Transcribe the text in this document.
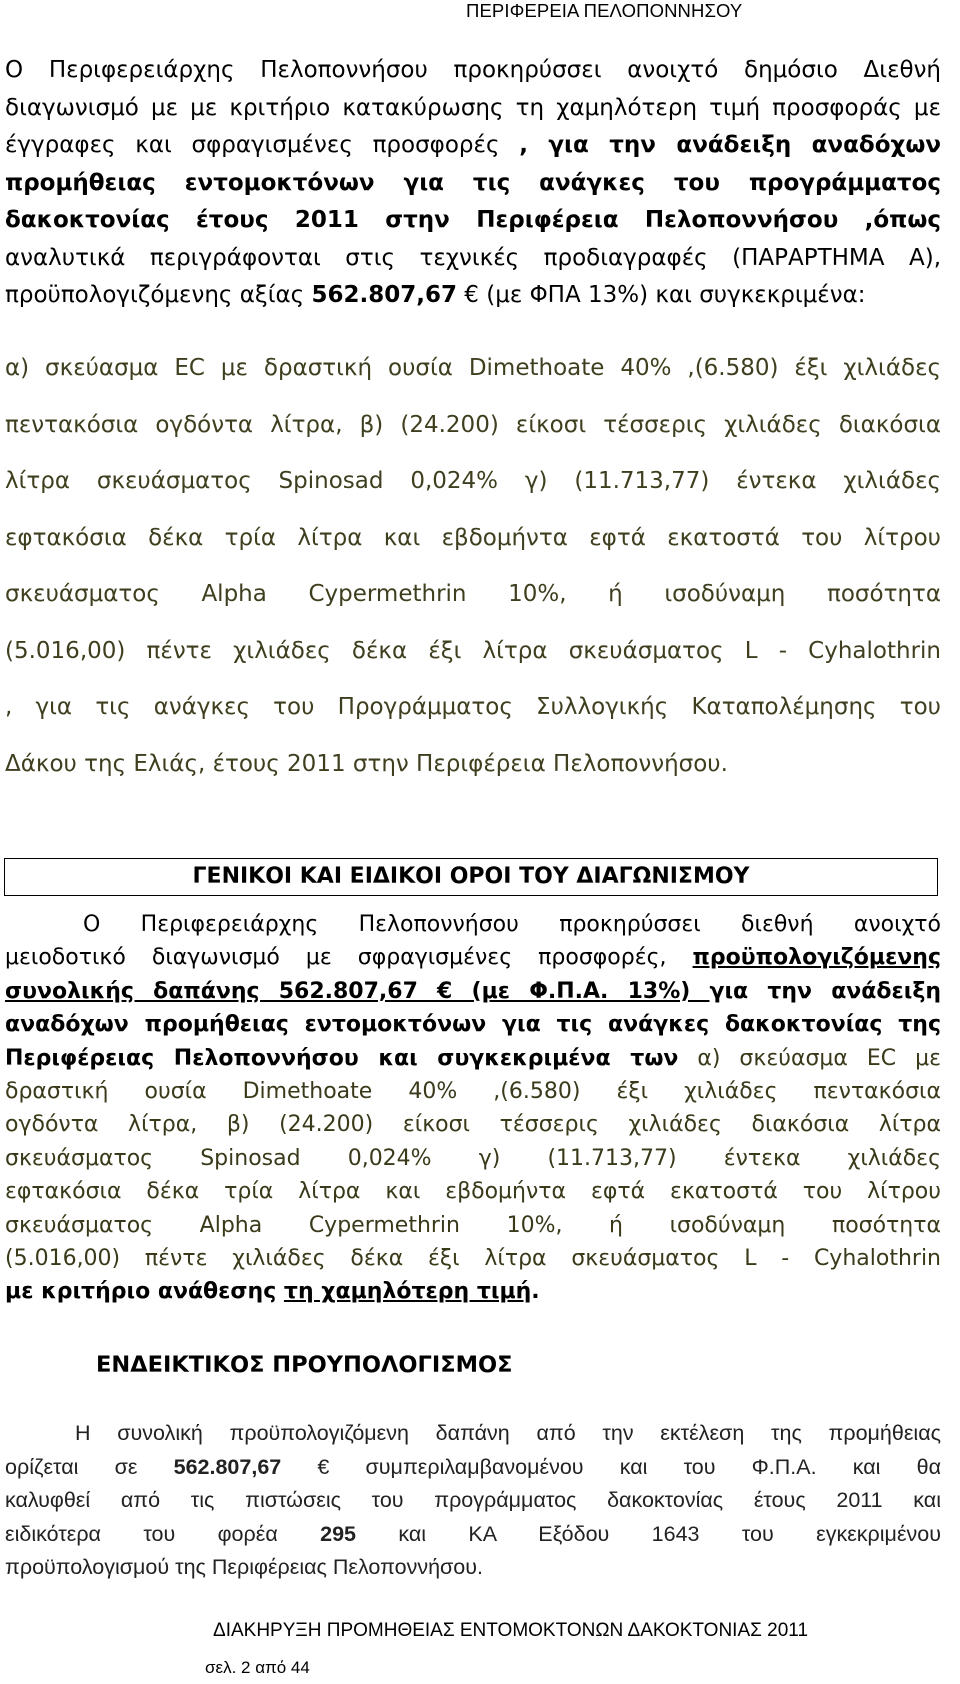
ΠΕΡΙΦΕΡΕΙΑ ΠΕΛΟΠΟΝΝΗΣΟΥ
Ο Περιφερειάρχης Πελοποννήσου προκηρύσσει ανοιχτό δημόσιο Διεθνή
διαγωνισμό με με κριτήριο κατακύρωσης τη χαμηλότερη τιμή προσφοράς με
έγγραφες και σφραγισμένες προσφορές , για την ανάδειξη αναδόχων
προμήθειας εντομοκτόνων για τις ανάγκες του προγράμματος
δακοκτονίας έτους 2011 στην Περιφέρεια Πελοποννήσου ,όπως
αναλυτικά περιγράφονται στις τεχνικές προδιαγραφές (ΠΑΡΑΡΤΗΜΑ Α),
προϋπολογιζόμενης αξίας 562.807,67 € (με ΦΠΑ 13%) και συγκεκριμένα:
α) σκεύασμα EC με δραστική ουσία Dimethoate 40% ,(6.580) έξι χιλιάδες
πεντακόσια ογδόντα λίτρα, β) (24.200) είκοσι τέσσερις χιλιάδες διακόσια
λίτρα σκευάσματος Spinosad 0,024% γ) (11.713,77) έντεκα χιλιάδες
εφτακόσια δέκα τρία λίτρα και εβδομήντα εφτά εκατοστά του λίτρου
σκευάσματος Alpha Cypermethrin 10%, ή ισοδύναμη ποσότητα
(5.016,00) πέντε χιλιάδες δέκα έξι λίτρα σκευάσματος L - Cyhalothrin
, για τις ανάγκες του Προγράμματος Συλλογικής Καταπολέμησης του
Δάκου της Ελιάς, έτους 2011 στην Περιφέρεια Πελοποννήσου.
ΓΕΝΙΚΟΙ ΚΑΙ ΕΙΔΙΚΟΙ ΟΡΟΙ ΤΟΥ ΔΙΑΓΩΝΙΣΜΟΥ
Ο Περιφερειάρχης Πελοποννήσου προκηρύσσει διεθνή ανοιχτό
μειοδοτικό διαγωνισμό με σφραγισμένες προσφορές, προϋπολογιζόμενης
συνολικής δαπάνης 562.807,67 € (με Φ.Π.Α. 13%) για την ανάδειξη
αναδόχων προμήθειας εντομοκτόνων για τις ανάγκες δακοκτονίας της
Περιφέρειας Πελοποννήσου και συγκεκριμένα των α) σκεύασμα EC με
δραστική ουσία Dimethoate 40% ,(6.580) έξι χιλιάδες πεντακόσια
ογδόντα λίτρα, β) (24.200) είκοσι τέσσερις χιλιάδες διακόσια λίτρα
σκευάσματος Spinosad 0,024% γ) (11.713,77) έντεκα χιλιάδες
εφτακόσια δέκα τρία λίτρα και εβδομήντα εφτά εκατοστά του λίτρου
σκευάσματος Alpha Cypermethrin 10%, ή ισοδύναμη ποσότητα
(5.016,00) πέντε χιλιάδες δέκα έξι λίτρα σκευάσματος L - Cyhalothrin
με κριτήριο ανάθεσης τη χαμηλότερη τιμή.
ΕΝΔΕΙΚΤΙΚΟΣ ΠΡΟΥΠΟΛΟΓΙΣΜΟΣ
Η συνολική προϋπολογιζόμενη δαπάνη από την εκτέλεση της προμήθειας
ορίζεται σε 562.807,67 € συμπεριλαμβανομένου και του Φ.Π.Α. και θα
καλυφθεί από τις πιστώσεις του προγράμματος δακοκτονίας έτους 2011 και
ειδικότερα του φορέα 295 και ΚΑ Εξόδου 1643 του εγκεκριμένου
προϋπολογισμού της Περιφέρειας Πελοποννήσου.
ΔΙΑΚΗΡΥΞΗ ΠΡΟΜΗΘΕΙΑΣ ΕΝΤΟΜΟΚΤΟΝΩΝ ΔΑΚΟΚΤΟΝΙΑΣ 2011
σελ. 2 από 44
